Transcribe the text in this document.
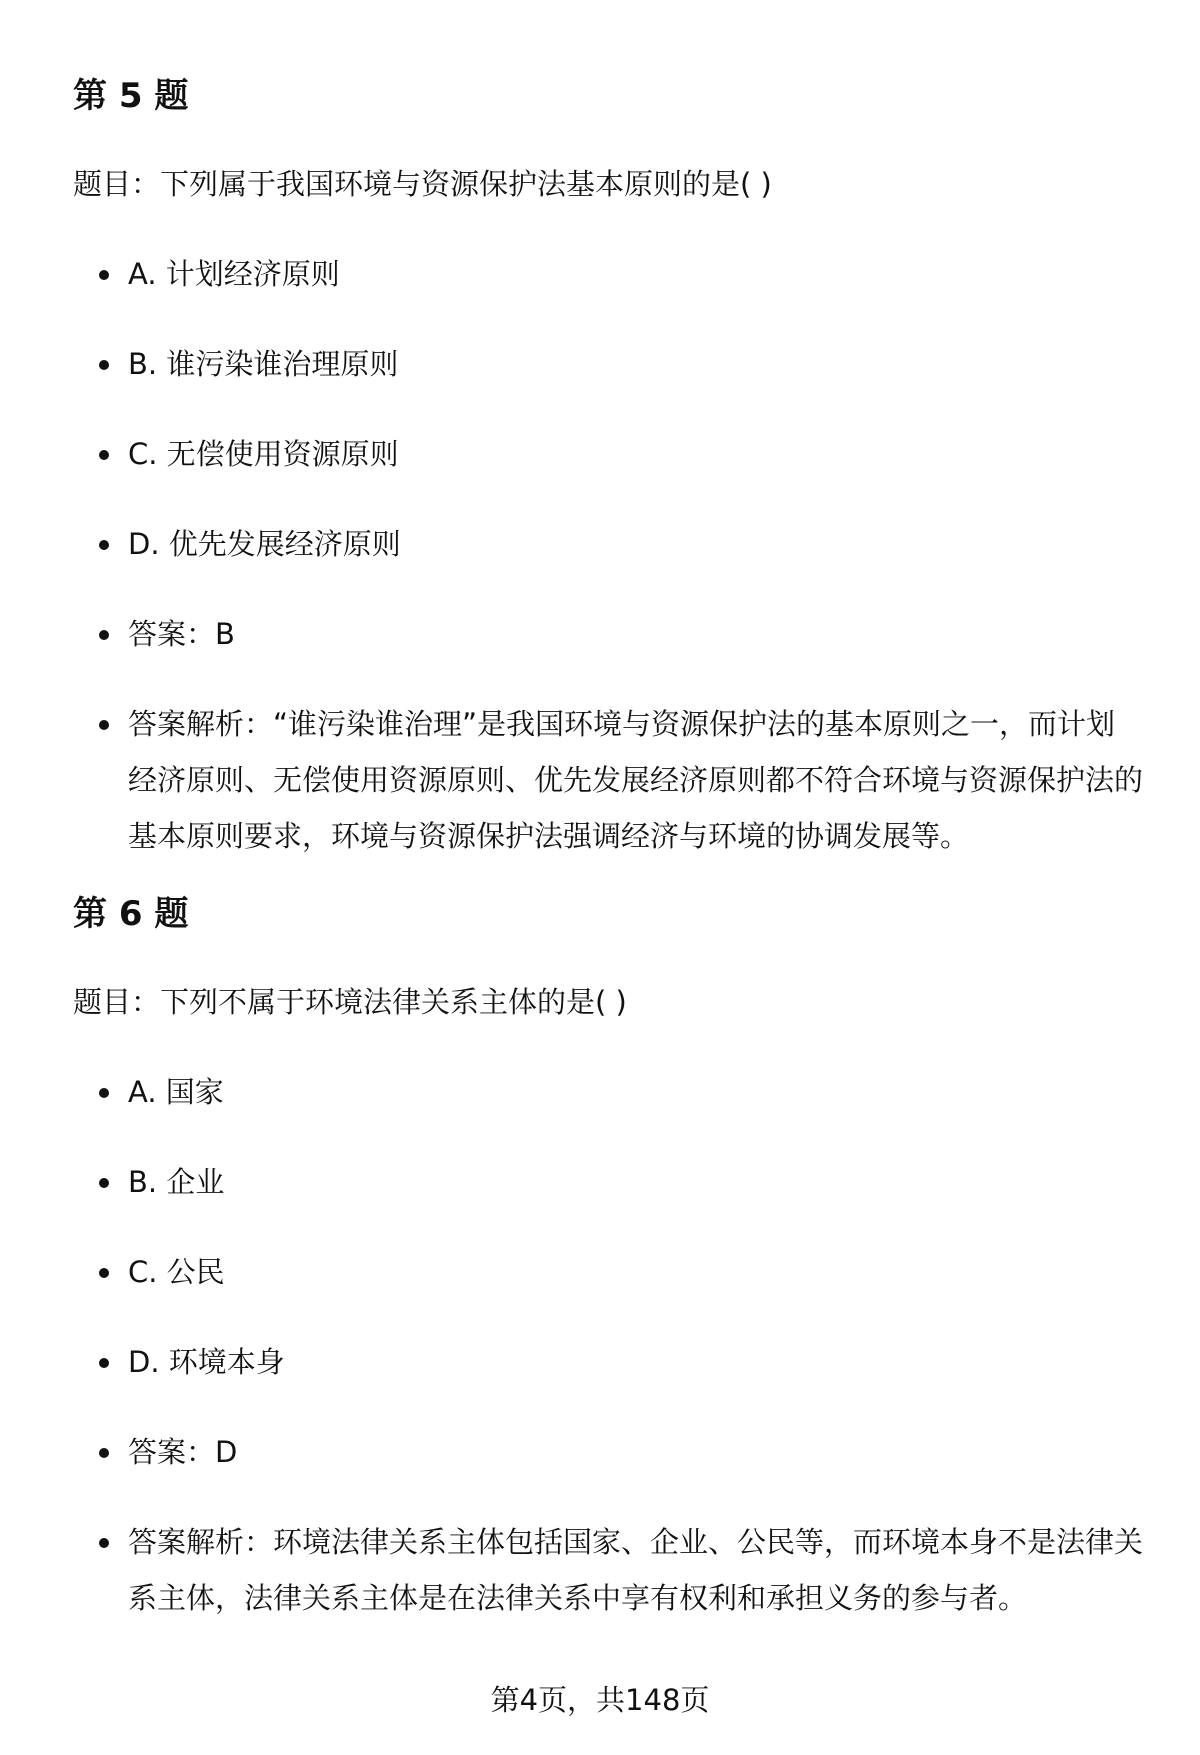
第 5 题

题目：下列属于我国环境与资源保护法基本原则的是( )

A. 计划经济原则
B. 谁污染谁治理原则
C. 无偿使用资源原则
D. 优先发展经济原则
答案：B
答案解析：“谁污染谁治理”是我国环境与资源保护法的基本原则之一，而计划经济原则、无偿使用资源原则、优先发展经济原则都不符合环境与资源保护法的基本原则要求，环境与资源保护法强调经济与环境的协调发展等。
第 6 题

题目：下列不属于环境法律关系主体的是( )

A. 国家
B. 企业
C. 公民
D. 环境本身
答案：D
答案解析：环境法律关系主体包括国家、企业、公民等，而环境本身不是法律关系主体，法律关系主体是在法律关系中享有权利和承担义务的参与者。
第4页，共148页
